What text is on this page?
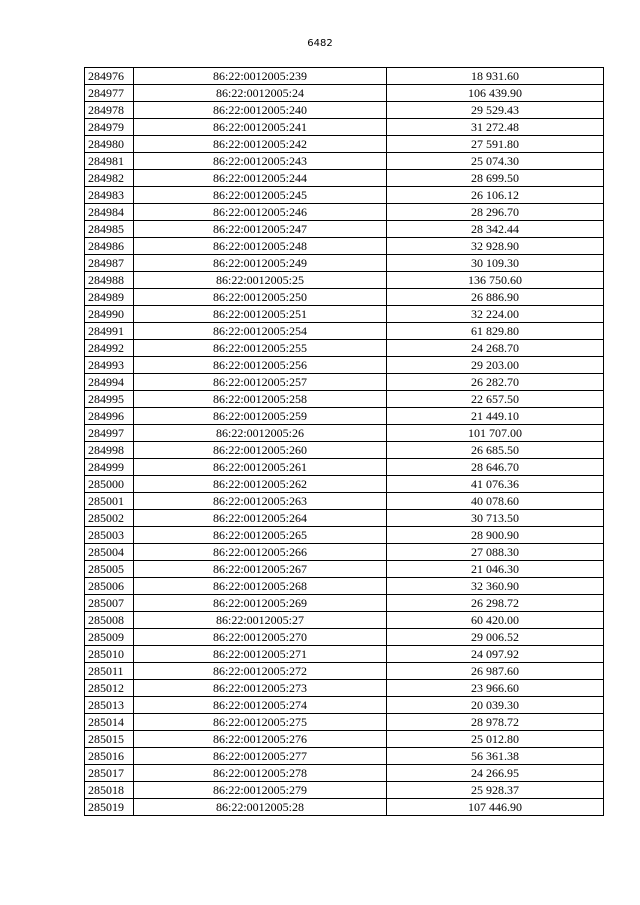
6482
284976	86:22:0012005:239	18 931.60
284977	86:22:0012005:24	106 439.90
284978	86:22:0012005:240	29 529.43
284979	86:22:0012005:241	31 272.48
284980	86:22:0012005:242	27 591.80
284981	86:22:0012005:243	25 074.30
284982	86:22:0012005:244	28 699.50
284983	86:22:0012005:245	26 106.12
284984	86:22:0012005:246	28 296.70
284985	86:22:0012005:247	28 342.44
284986	86:22:0012005:248	32 928.90
284987	86:22:0012005:249	30 109.30
284988	86:22:0012005:25	136 750.60
284989	86:22:0012005:250	26 886.90
284990	86:22:0012005:251	32 224.00
284991	86:22:0012005:254	61 829.80
284992	86:22:0012005:255	24 268.70
284993	86:22:0012005:256	29 203.00
284994	86:22:0012005:257	26 282.70
284995	86:22:0012005:258	22 657.50
284996	86:22:0012005:259	21 449.10
284997	86:22:0012005:26	101 707.00
284998	86:22:0012005:260	26 685.50
284999	86:22:0012005:261	28 646.70
285000	86:22:0012005:262	41 076.36
285001	86:22:0012005:263	40 078.60
285002	86:22:0012005:264	30 713.50
285003	86:22:0012005:265	28 900.90
285004	86:22:0012005:266	27 088.30
285005	86:22:0012005:267	21 046.30
285006	86:22:0012005:268	32 360.90
285007	86:22:0012005:269	26 298.72
285008	86:22:0012005:27	60 420.00
285009	86:22:0012005:270	29 006.52
285010	86:22:0012005:271	24 097.92
285011	86:22:0012005:272	26 987.60
285012	86:22:0012005:273	23 966.60
285013	86:22:0012005:274	20 039.30
285014	86:22:0012005:275	28 978.72
285015	86:22:0012005:276	25 012.80
285016	86:22:0012005:277	56 361.38
285017	86:22:0012005:278	24 266.95
285018	86:22:0012005:279	25 928.37
285019	86:22:0012005:28	107 446.90
